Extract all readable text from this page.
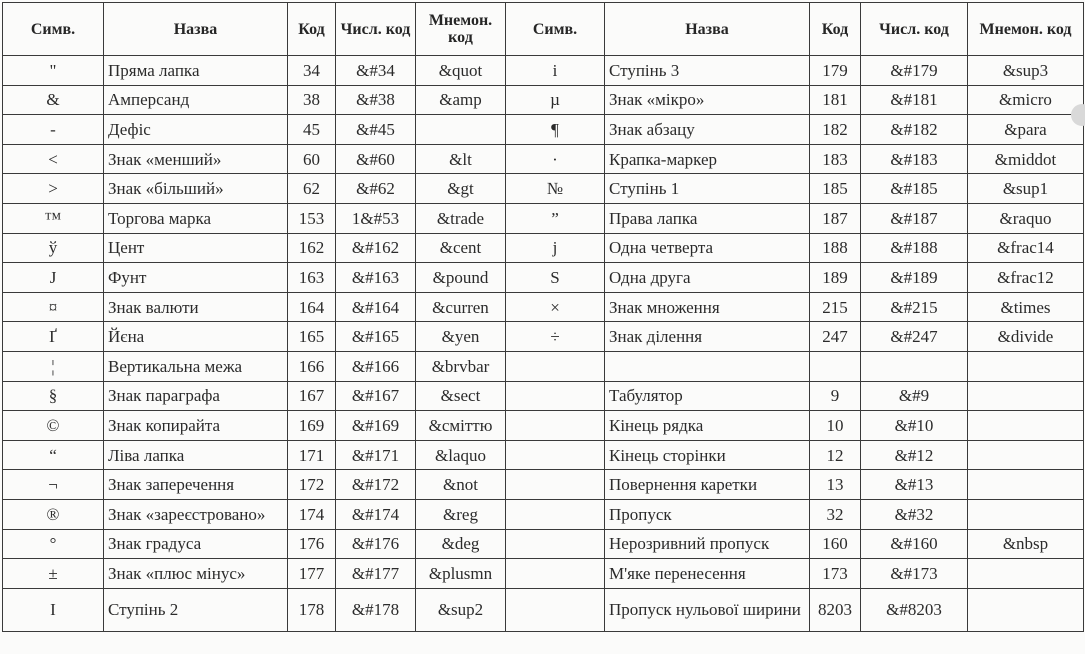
Симв.	Назва	Код	Числ. код	Мнемон. код	Симв.	Назва	Код	Числ. код	Мнемон. код
"	Пряма лапка	34	&#34	&quot	і	Ступінь 3	179	&#179	&sup3
&	Амперсанд	38	&#38	&amp	µ	Знак «мікро»	181	&#181	&micro
-	Дефіс	45	&#45		¶	Знак абзацу	182	&#182	&para
<	Знак «менший»	60	&#60	&lt	·	Крапка-маркер	183	&#183	&middot
>	Знак «більший»	62	&#62	&gt	№	Ступінь 1	185	&#185	&sup1
™	Торгова марка	153	1&#53	&trade	”	Права лапка	187	&#187	&raquo
ў	Цент	162	&#162	&cent	j	Одна четверта	188	&#188	&frac14
J	Фунт	163	&#163	&pound	S	Одна друга	189	&#189	&frac12
¤	Знак валюти	164	&#164	&curren	×	Знак множення	215	&#215	&times
Ґ	Йєна	165	&#165	&yen	÷	Знак ділення	247	&#247	&divide
¦	Вертикальна межа	166	&#166	&brvbar					
§	Знак параграфа	167	&#167	&sect		Табулятор	9	&#9	
©	Знак копирайта	169	&#169	&cміттю		Кінець рядка	10	&#10	
“	Ліва лапка	171	&#171	&laquo		Кінець сторінки	12	&#12	
¬	Знак заперечення	172	&#172	&not		Повернення каретки	13	&#13	
®	Знак «зареєстровано»	174	&#174	&reg		Пропуск	32	&#32	
°	Знак градуса	176	&#176	&deg		Нерозривний пропуск	160	&#160	&nbsp
±	Знак «плюс мінус»	177	&#177	&plusmn		М'яке перенесення	173	&#173	
І	Ступінь 2	178	&#178	&sup2		Пропуск нульової ширини	8203	&#8203	
